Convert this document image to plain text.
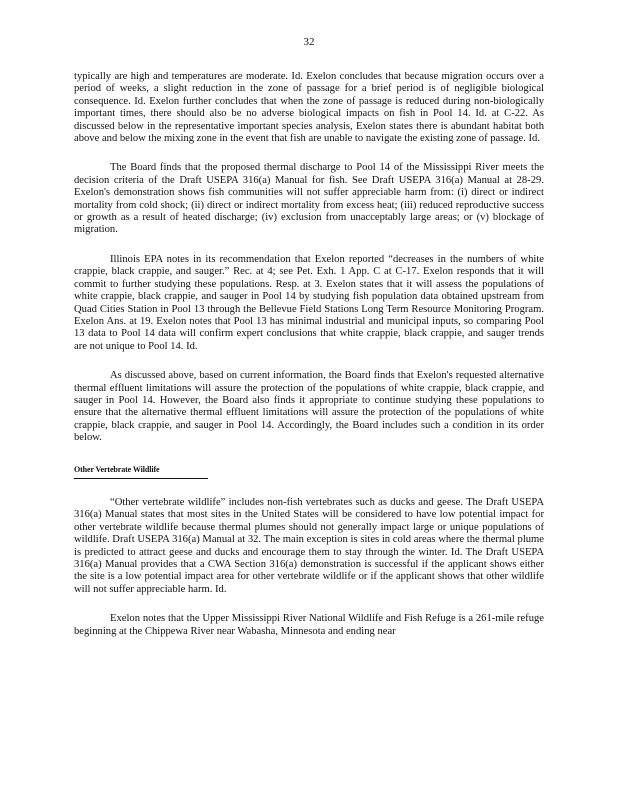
32

typically are high and temperatures are moderate. Id. Exelon concludes that because migration occurs over a period of weeks, a slight reduction in the zone of passage for a brief period is of negligible biological consequence. Id. Exelon further concludes that when the zone of passage is reduced during non-biologically important times, there should also be no adverse biological impacts on fish in Pool 14. Id. at C-22. As discussed below in the representative important species analysis, Exelon states there is abundant habitat both above and below the mixing zone in the event that fish are unable to navigate the existing zone of passage. Id.

The Board finds that the proposed thermal discharge to Pool 14 of the Mississippi River meets the decision criteria of the Draft USEPA 316(a) Manual for fish. See Draft USEPA 316(a) Manual at 28-29. Exelon's demonstration shows fish communities will not suffer appreciable harm from: (i) direct or indirect mortality from cold shock; (ii) direct or indirect mortality from excess heat; (iii) reduced reproductive success or growth as a result of heated discharge; (iv) exclusion from unacceptably large areas; or (v) blockage of migration.

Illinois EPA notes in its recommendation that Exelon reported “decreases in the numbers of white crappie, black crappie, and sauger.” Rec. at 4; see Pet. Exh. 1 App. C at C-17. Exelon responds that it will commit to further studying these populations. Resp. at 3. Exelon states that it will assess the populations of white crappie, black crappie, and sauger in Pool 14 by studying fish population data obtained upstream from Quad Cities Station in Pool 13 through the Bellevue Field Stations Long Term Resource Monitoring Program. Exelon Ans. at 19. Exelon notes that Pool 13 has minimal industrial and municipal inputs, so comparing Pool 13 data to Pool 14 data will confirm expert conclusions that white crappie, black crappie, and sauger trends are not unique to Pool 14. Id.

As discussed above, based on current information, the Board finds that Exelon's requested alternative thermal effluent limitations will assure the protection of the populations of white crappie, black crappie, and sauger in Pool 14. However, the Board also finds it appropriate to continue studying these populations to ensure that the alternative thermal effluent limitations will assure the protection of the populations of white crappie, black crappie, and sauger in Pool 14. Accordingly, the Board includes such a condition in its order below.

Other Vertebrate Wildlife

“Other vertebrate wildlife” includes non-fish vertebrates such as ducks and geese. The Draft USEPA 316(a) Manual states that most sites in the United States will be considered to have low potential impact for other vertebrate wildlife because thermal plumes should not generally impact large or unique populations of wildlife. Draft USEPA 316(a) Manual at 32. The main exception is sites in cold areas where the thermal plume is predicted to attract geese and ducks and encourage them to stay through the winter. Id. The Draft USEPA 316(a) Manual provides that a CWA Section 316(a) demonstration is successful if the applicant shows either the site is a low potential impact area for other vertebrate wildlife or if the applicant shows that other wildlife will not suffer appreciable harm. Id.

Exelon notes that the Upper Mississippi River National Wildlife and Fish Refuge is a 261-mile refuge beginning at the Chippewa River near Wabasha, Minnesota and ending near
